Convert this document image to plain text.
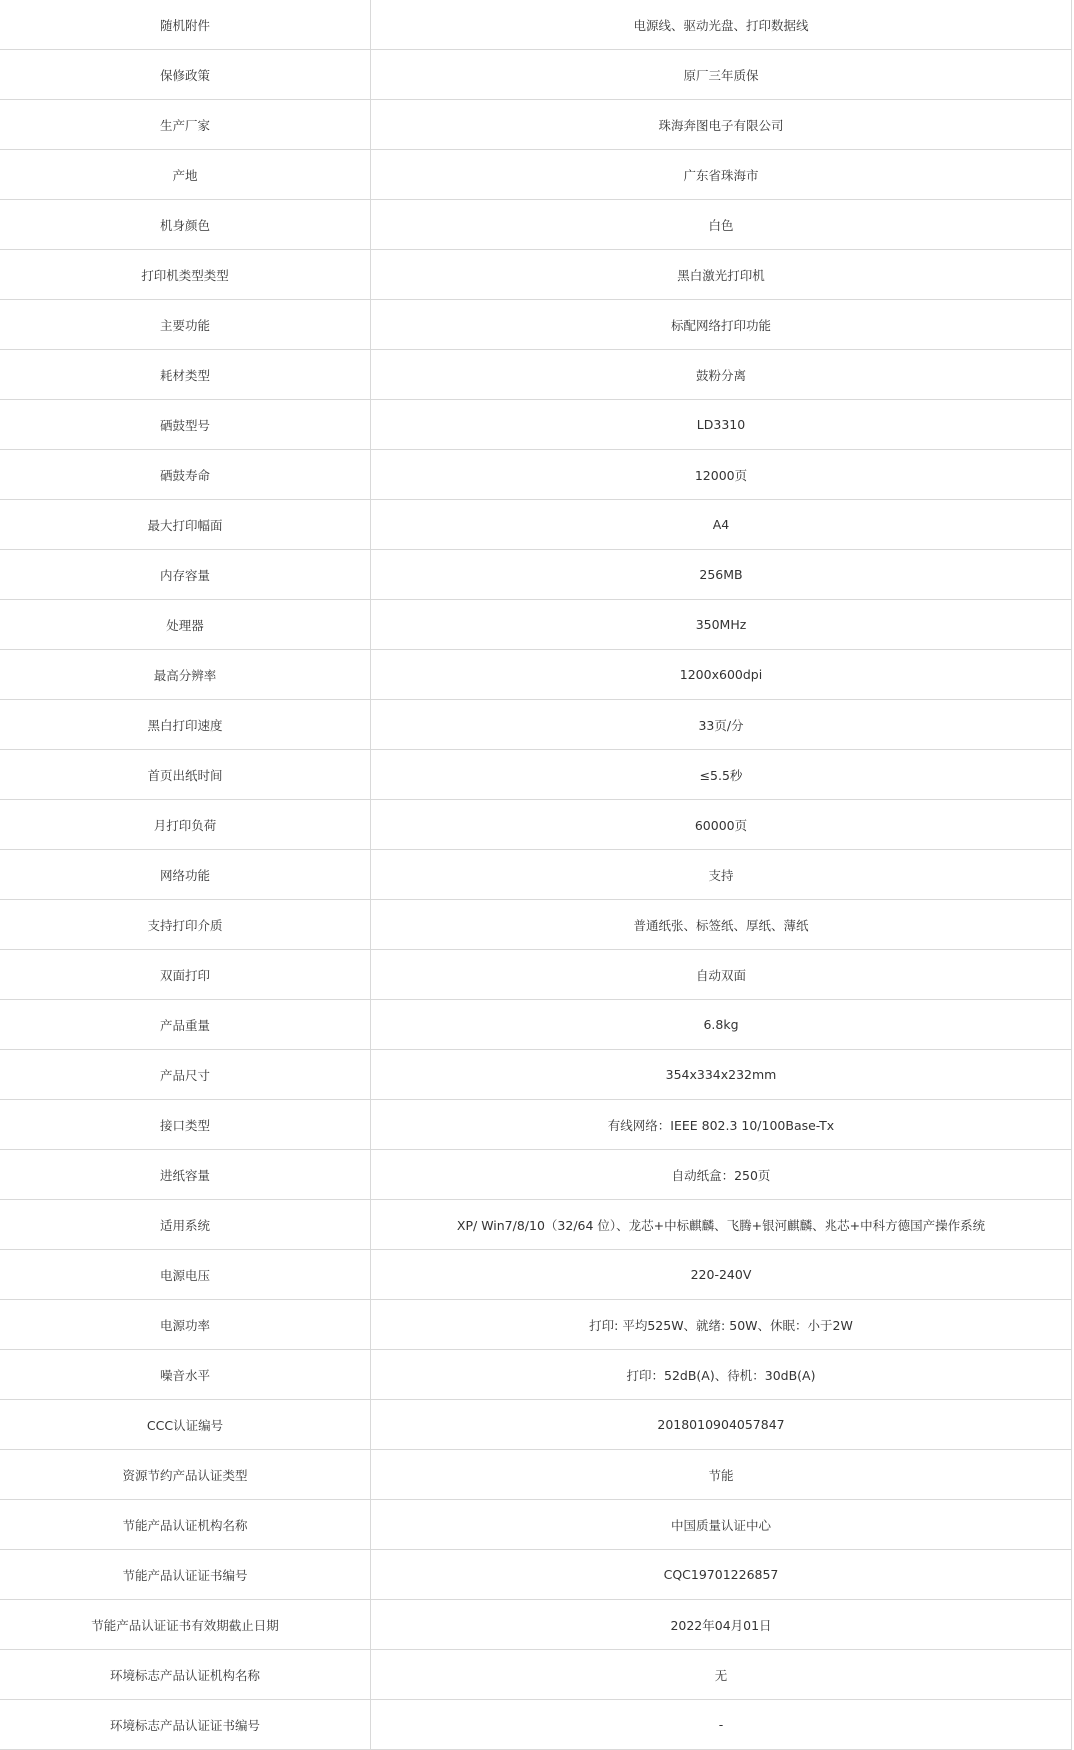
随机附件	电源线、驱动光盘、打印数据线
保修政策	原厂三年质保
生产厂家	珠海奔图电子有限公司
产地	广东省珠海市
机身颜色	白色
打印机类型类型	黑白激光打印机
主要功能	标配网络打印功能
耗材类型	鼓粉分离
硒鼓型号	LD3310
硒鼓寿命	12000页
最大打印幅面	A4
内存容量	256MB
处理器	350MHz
最高分辨率	1200x600dpi
黑白打印速度	33页/分
首页出纸时间	≤5.5秒
月打印负荷	60000页
网络功能	支持
支持打印介质	普通纸张、标签纸、厚纸、薄纸
双面打印	自动双面
产品重量	6.8kg
产品尺寸	354x334x232mm
接口类型	有线网络：IEEE 802.3 10/100Base-Tx
进纸容量	自动纸盒：250页
适用系统	XP/ Win7/8/10（32/64 位）、龙芯+中标麒麟、飞腾+银河麒麟、兆芯+中科方德国产操作系统
电源电压	220-240V
电源功率	打印: 平均525W、就绪: 50W、休眠：小于2W
噪音水平	打印：52dB(A)、待机：30dB(A)
CCC认证编号	2018010904057847
资源节约产品认证类型	节能
节能产品认证机构名称	中国质量认证中心
节能产品认证证书编号	CQC19701226857
节能产品认证证书有效期截止日期	2022年04月01日
环境标志产品认证机构名称	无
环境标志产品认证证书编号	-
